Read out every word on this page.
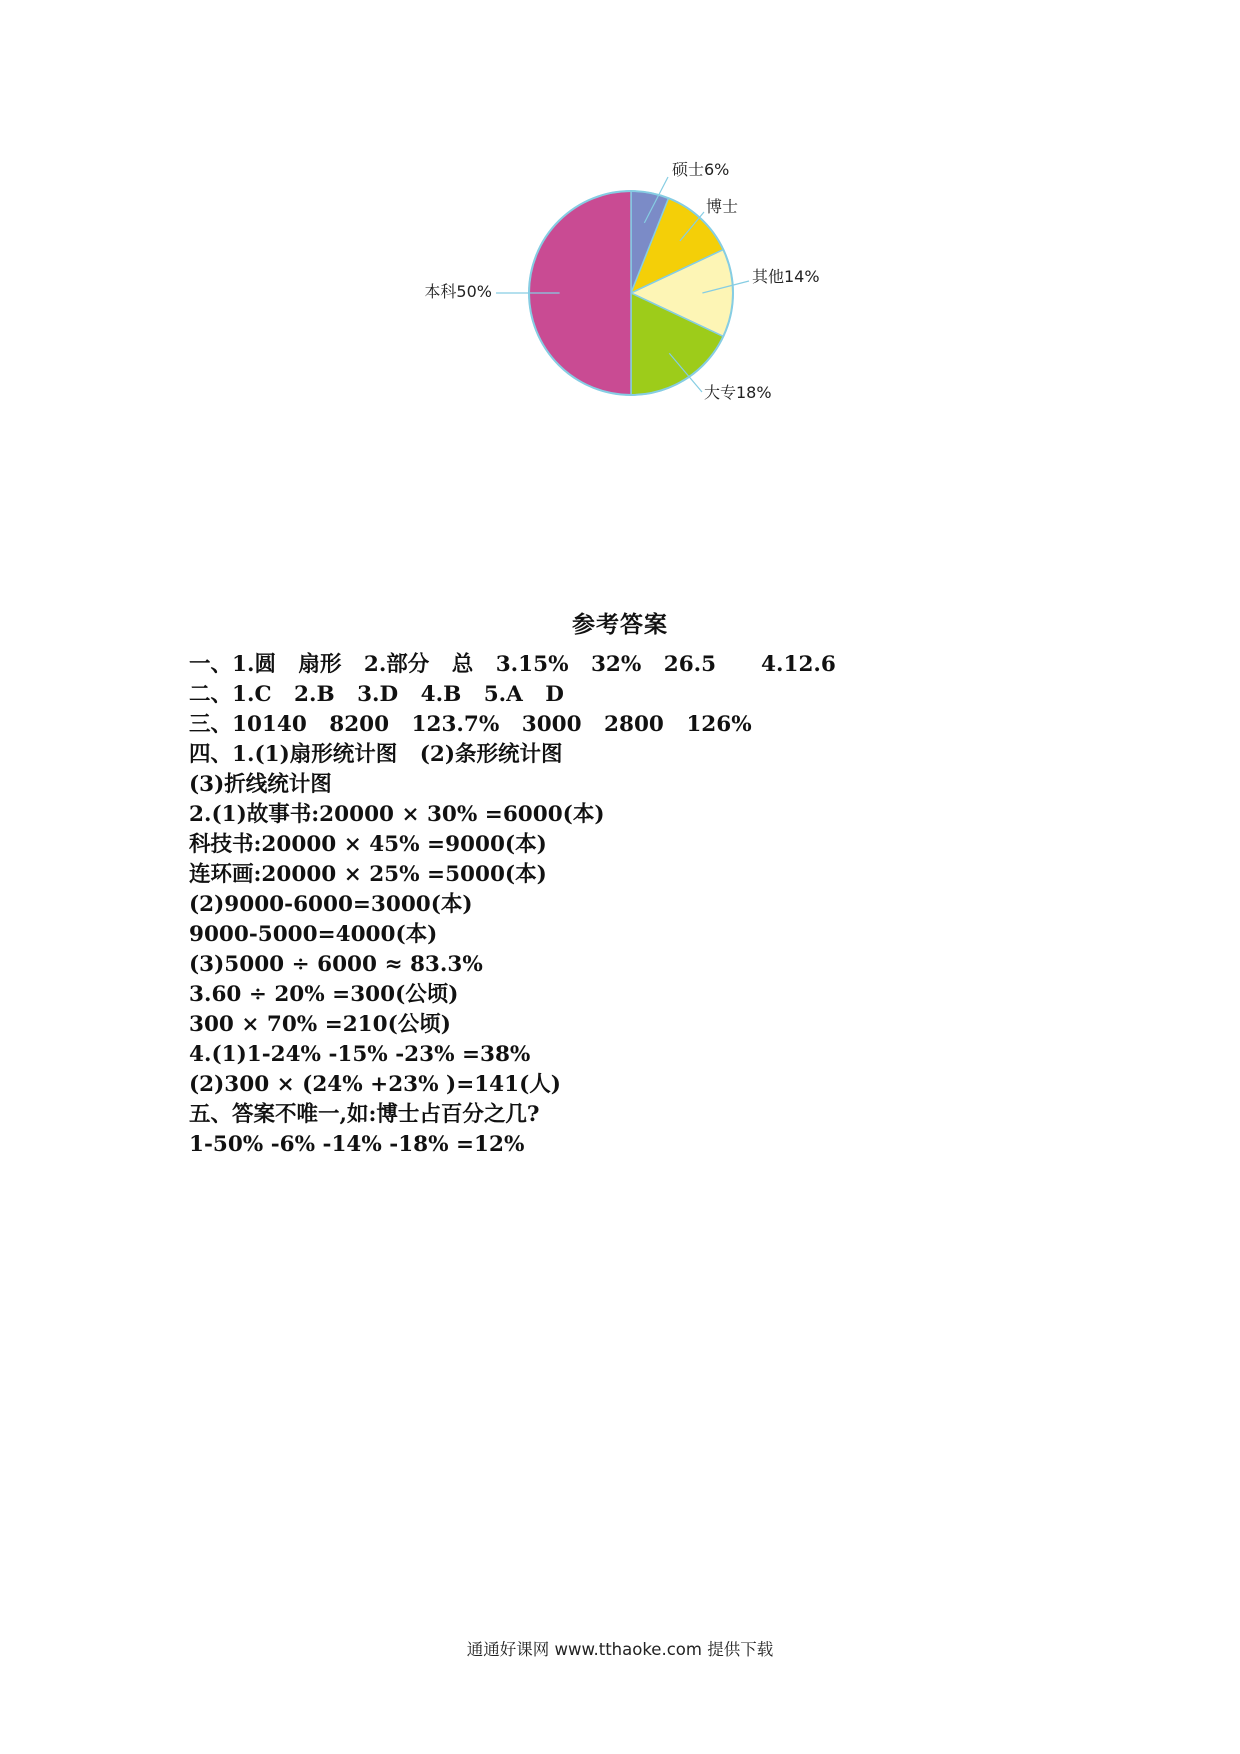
硕士6%
博士
其他14%
大专18%
本科50%
参考答案
一、1.圆   扇形   2.部分   总   3.15%   32%   26.5      4.12.6
二、1.C   2.B   3.D   4.B   5.A   D
三、10140   8200   123.7%   3000   2800   126%
四、1.(1)扇形统计图   (2)条形统计图
(3)折线统计图
2.(1)故事书:20000 × 30% =6000(本)
科技书:20000 × 45% =9000(本)
连环画:20000 × 25% =5000(本)
(2)9000-6000=3000(本)
9000-5000=4000(本)
(3)5000 ÷ 6000 ≈ 83.3%
3.60 ÷ 20% =300(公顷)
300 × 70% =210(公顷)
4.(1)1-24% -15% -23% =38%
(2)300 × (24% +23% )=141(人)
五、答案不唯一,如:博士占百分之几?
1-50% -6% -14% -18% =12%
通通好课网 www.tthaoke.com 提供下载
